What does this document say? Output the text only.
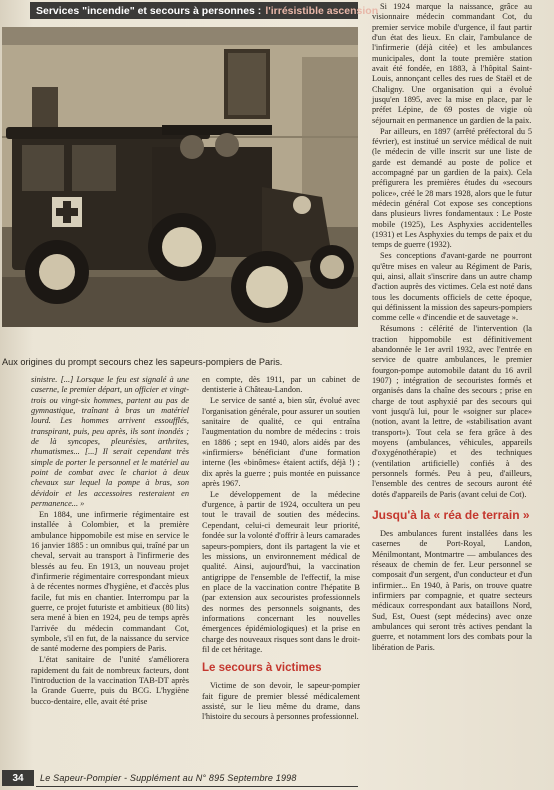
Services "incendie" et secours à personnes : l'irrésistible ascension
Aux origines du prompt secours chez les sapeurs-pompiers de Paris.

sinistre. [...] Lorsque le feu est signalé à une caserne, le premier départ, un officier et vingt-trois ou vingt-six hommes, partent au pas de gymnastique, traînant à bras un matériel lourd. Les hommes arrivent essoufflés, transpirant, puis, peu après, ils sont inondés ; de là syncopes, pleurésies, arthrites, rhumatismes... [...] Il serait cependant très simple de porter le personnel et le matériel au point de combat avec le chariot à deux chevaux sur lequel la pompe à bras, son dévidoir et les accessoires resteraient en permanence... »

En 1884, une infirmerie régimentaire est installée à Colombier, et la première ambulance hippomobile est mise en service le 16 janvier 1885 : un omnibus qui, traîné par un cheval, servait au transport à l'infirmerie des blessés au feu. En 1913, un nouveau projet d'infirmerie régimentaire correspondant mieux à de récentes normes d'hygiène, et d'accès plus facile, fut mis en chantier. Interrompu par la guerre, ce projet futuriste et ambitieux (80 lits) sera mené à bien en 1924, peu de temps après l'arrivée du médecin commandant Cot, symbole, s'il en fut, de la naissance du service de santé moderne des pompiers de Paris.

L'état sanitaire de l'unité s'améliorera rapidement du fait de nombreux facteurs, dont l'introduction de la vaccination TAB-DT après la Grande Guerre, puis du BCG. L'hygiène bucco-dentaire, elle, avait été prise

en compte, dès 1911, par un cabinet de dentisterie à Château-Landon.

Le service de santé a, bien sûr, évolué avec l'organisation générale, pour assurer un soutien sanitaire de qualité, ce qui entraîna l'augmentation du nombre de médecins : trois en 1886 ; sept en 1940, alors aidés par des «infirmiers» bénéficiant d'une formation interne (les «binômes» étaient actifs, déjà !) ; dix après la guerre ; puis montée en puissance après 1967.

Le développement de la médecine d'urgence, à partir de 1924, occultera un peu tout le travail de soutien des médecins. Cependant, celui-ci demeurait leur priorité, fondée sur la volonté d'offrir à leurs camarades sapeurs-pompiers, dont ils partagent la vie et les missions, un environnement médical de qualité. Ainsi, aujourd'hui, la vaccination antigrippe de l'ensemble de l'effectif, la mise en place de la vaccination contre l'hépatite B (par extension aux secouristes professionnels des normes des personnels soignants, des informations concernant les nouvelles émergences épidémiologiques) et la prise en charge des nouveaux risques sont dans le droit-fil de cet héritage.

Le secours à victimes

Victime de son devoir, le sapeur-pompier fait figure de premier blessé médicalement assisté, sur le lieu même du drame, dans l'histoire du secours à personnes professionnel.

Si 1924 marque la naissance, grâce au visionnaire médecin commandant Cot, du premier service mobile d'urgence, il faut partir d'un état des lieux. En clair, l'ambulance de l'infirmerie (déjà citée) et les ambulances municipales, dont la toute première station avait été fondée, en 1883, à l'hôpital Saint-Louis, annonçant celles des rues de Staël et de Chaligny. Une organisation qui a évolué jusqu'en 1895, avec la mise en place, par le préfet Lépine, de 69 postes de vigie où séjournait en permanence un gardien de la paix.

Par ailleurs, en 1897 (arrêté préfectoral du 5 février), est institué un service médical de nuit (le médecin de ville inscrit sur une liste de garde est demandé au poste de police et accompagné par un gardien de la paix). Cela préfigurera les premières études du «secours police», créé le 28 mars 1928, alors que le futur médecin général Cot expose ses conceptions dans plusieurs livres fondamentaux : Le Poste mobile (1925), Les Asphyxies accidentelles (1931) et Les Asphyxies du temps de paix et du temps de guerre (1932).

Ses conceptions d'avant-garde ne pourront qu'être mises en valeur au Régiment de Paris, qui, ainsi, allait s'inscrire dans un autre champ d'action auprès des victimes. Cela est noté dans tous les documents officiels de cette époque, qui définissent la mission des sapeurs-pompiers comme celle « d'incendie et de sauvetage ».

Résumons : célérité de l'intervention (la traction hippomobile est définitivement abandonnée le 1er avril 1932, avec l'entrée en service de quatre ambulances, le premier fourgon-pompe automobile datant du 16 avril 1907) ; intégration de secouristes formés et organisés dans la chaîne des secours ; prise en charge de tout asphyxié par des secours qui vont jusqu'à lui, pour le «soigner sur place» (notion, avant la lettre, de «stabilisation avant transport»). Tout cela se fera grâce à des moyens (ambulances, véhicules, appareils d'oxygénothérapie) et des techniques (ventilation artificielle) confiés à des personnels formés. Peu à peu, d'ailleurs, l'ensemble des centres de secours auront été dotés d'appareils de Paris (avant celui de Cot).

Jusqu'à la « réa de terrain »

Des ambulances furent installées dans les casernes de Port-Royal, Landon, Ménilmontant, Montmartre — ambulances des réseaux de chemin de fer. Leur personnel se composait d'un sergent, d'un conducteur et d'un infirmier... En 1940, à Paris, on trouve quatre infirmiers par compagnie, et quatre secteurs médicaux correspondant aux bataillons Nord, Sud, Est, Ouest (sept médecins) avec onze ambulances qui seront très actives pendant la guerre, et notamment lors des combats pour la libération de Paris.

34	Le Sapeur-Pompier - Supplément au N° 895 Septembre 1998
